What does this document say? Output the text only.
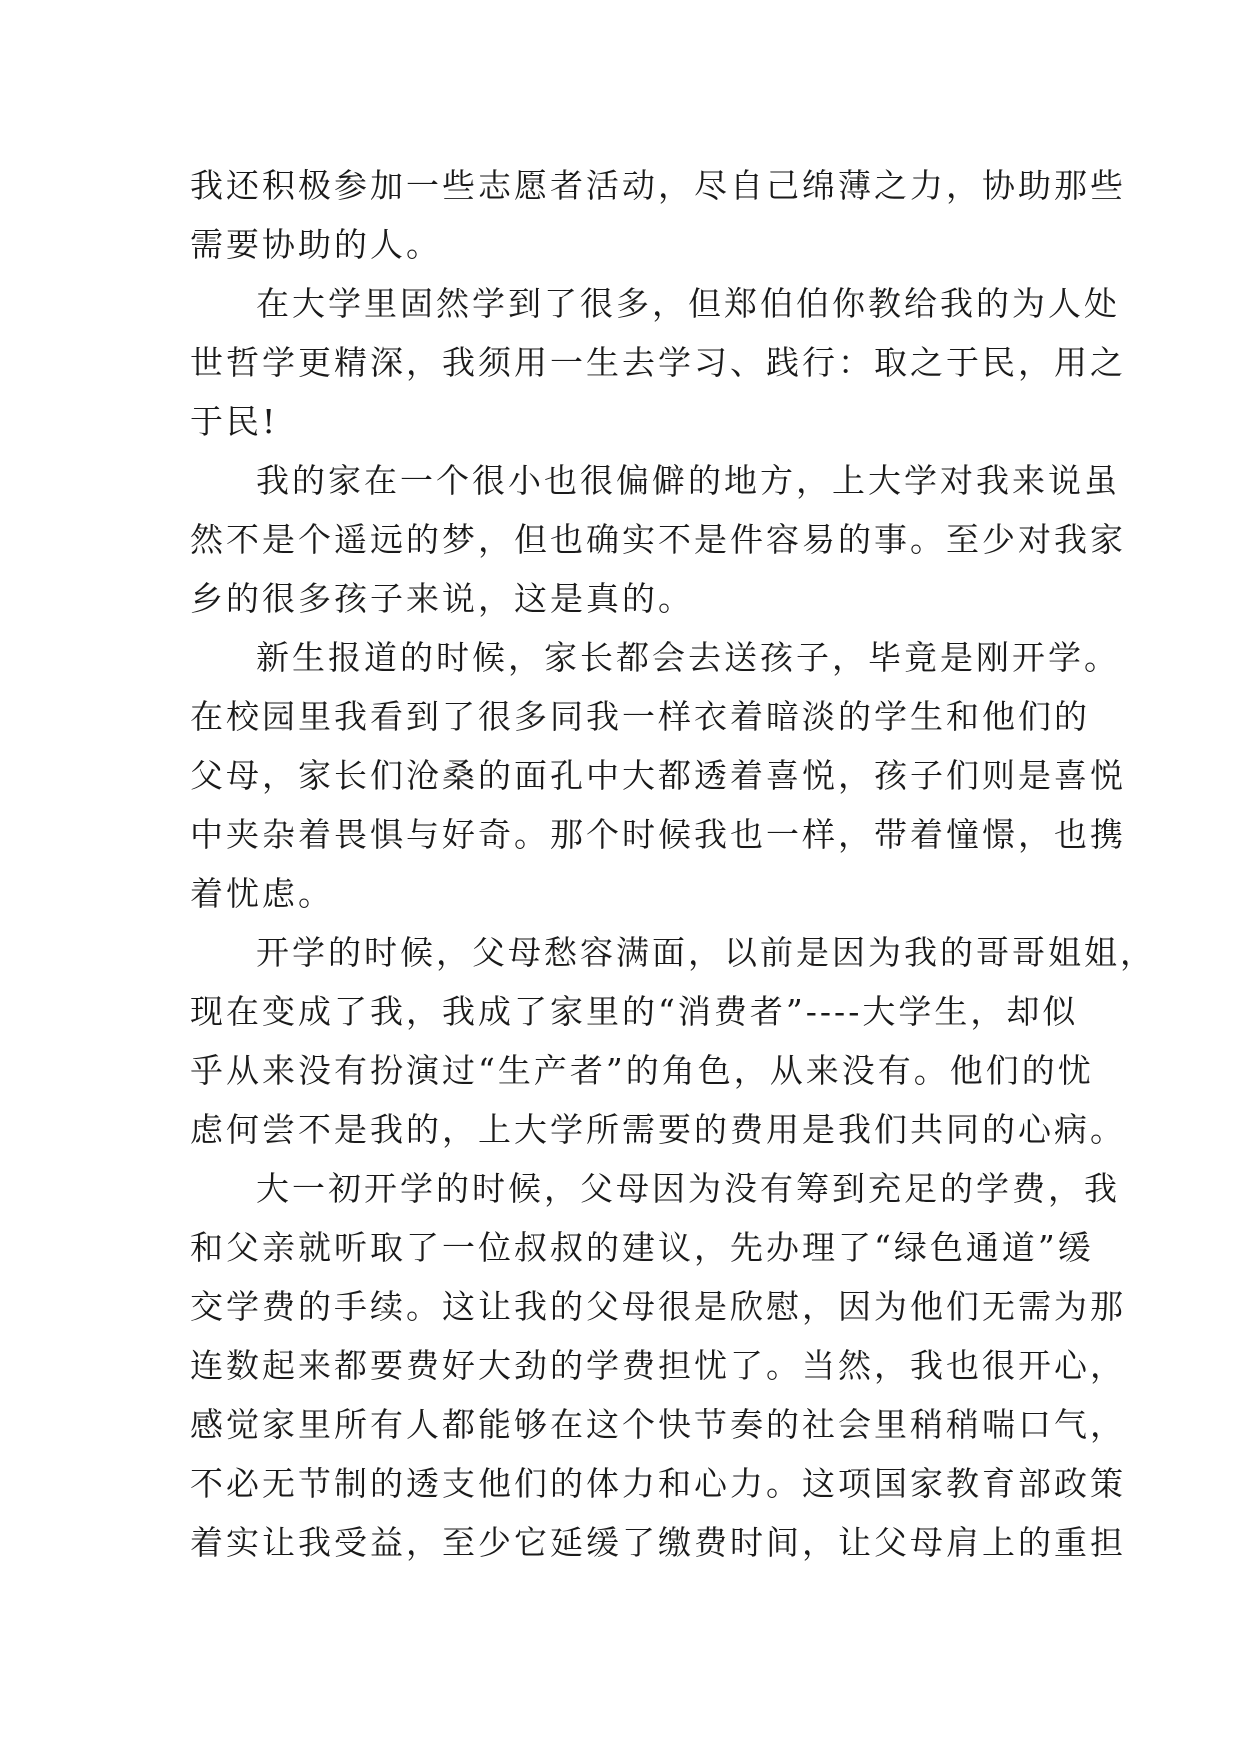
我还积极参加一些志愿者活动，尽自己绵薄之力，协助那些
需要协助的人。
在大学里固然学到了很多，但郑伯伯你教给我的为人处
世哲学更精深，我须用一生去学习、践行：取之于民，用之
于民!
我的家在一个很小也很偏僻的地方，上大学对我来说虽
然不是个遥远的梦，但也确实不是件容易的事。至少对我家
乡的很多孩子来说，这是真的。
新生报道的时候，家长都会去送孩子，毕竟是刚开学。
在校园里我看到了很多同我一样衣着暗淡的学生和他们的
父母，家长们沧桑的面孔中大都透着喜悦，孩子们则是喜悦
中夹杂着畏惧与好奇。那个时候我也一样，带着憧憬，也携
着忧虑。
开学的时候，父母愁容满面，以前是因为我的哥哥姐姐，
现在变成了我，我成了家里的“消费者”----大学生，却似
乎从来没有扮演过“生产者”的角色，从来没有。他们的忧
虑何尝不是我的，上大学所需要的费用是我们共同的心病。
大一初开学的时候，父母因为没有筹到充足的学费，我
和父亲就听取了一位叔叔的建议，先办理了“绿色通道”缓
交学费的手续。这让我的父母很是欣慰，因为他们无需为那
连数起来都要费好大劲的学费担忧了。当然，我也很开心，
感觉家里所有人都能够在这个快节奏的社会里稍稍喘口气，
不必无节制的透支他们的体力和心力。这项国家教育部政策
着实让我受益，至少它延缓了缴费时间，让父母肩上的重担
